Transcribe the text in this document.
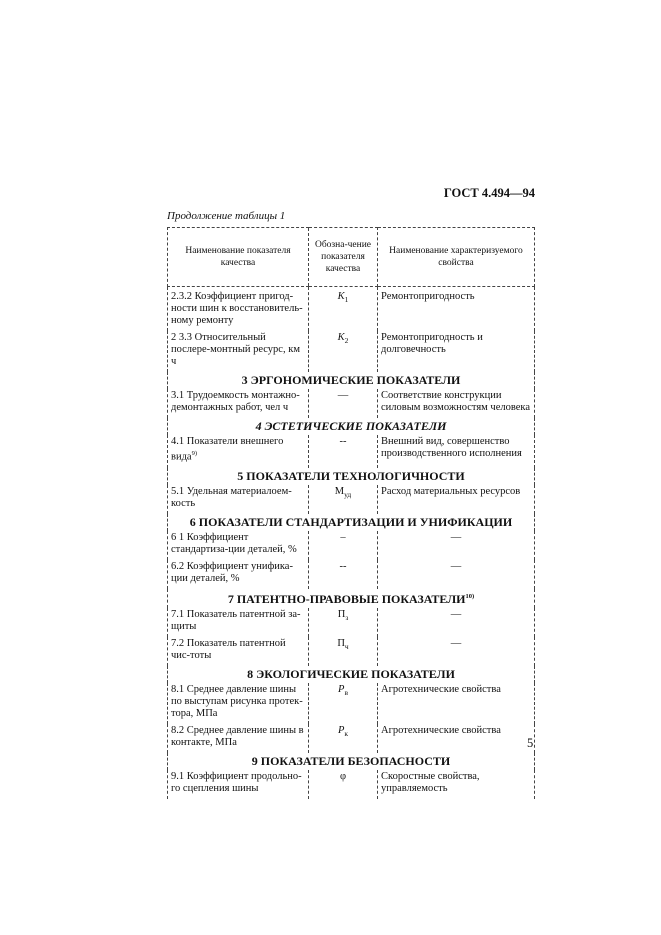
ГОСТ 4.494—94
Продолжение таблицы 1
Наименование показателя качества	Обозна-чение показателя качества	Наименование характеризуемого свойства
2.3.2 Коэффициент пригод-ности шин к восстановитель-ному ремонту	$K_1$	Ремонтопригодность
2 3.3 Относительный послере-монтный ресурс, км ч	$K_2$	Ремонтопригодность и долговечность
3 ЭРГОНОМИЧЕСКИЕ ПОКАЗАТЕЛИ		
3.1 Трудоемкость монтажно-демонтажных работ, чел ч	—	Соответствие конструкции силовым возможностям человека
4 ЭСТЕТИЧЕСКИЕ ПОКАЗАТЕЛИ		
4.1 Показатели внешнего вида$^{9)}$	--	Внешний вид, совершенство производственного исполнения
5 ПОКАЗАТЕЛИ ТЕХНОЛОГИЧНОСТИ		
5.1 Удельная материалоем-кость	$М_{уд}$	Расход материальных ресурсов
6 ПОКАЗАТЕЛИ СТАНДАРТИЗАЦИИ И УНИФИКАЦИИ		
6 1 Коэффициент стандартиза-ции деталей, %	–	—
6.2 Коэффициент унифика-ции деталей, %	--	—
7 ПАТЕНТНО-ПРАВОВЫЕ ПОКАЗАТЕЛИ$^{10)}$
7.1 Показатель патентной за-щиты	$П_з$	—
7.2 Показатель патентной чис-тоты	$П_ч$	—
8 ЭКОЛОГИЧЕСКИЕ ПОКАЗАТЕЛИ		
8.1 Среднее давление шины по выступам рисунка протек-тора, МПа	$P_в$	Агротехнические свойства
8.2 Среднее давление шины в контакте, МПа	$P_к$	Агротехнические свойства
9 ПОКАЗАТЕЛИ БЕЗОПАСНОСТИ		
9.1 Коэффициент продольно-го сцепления шины	φ	Скоростные свойства, управляемость
5
